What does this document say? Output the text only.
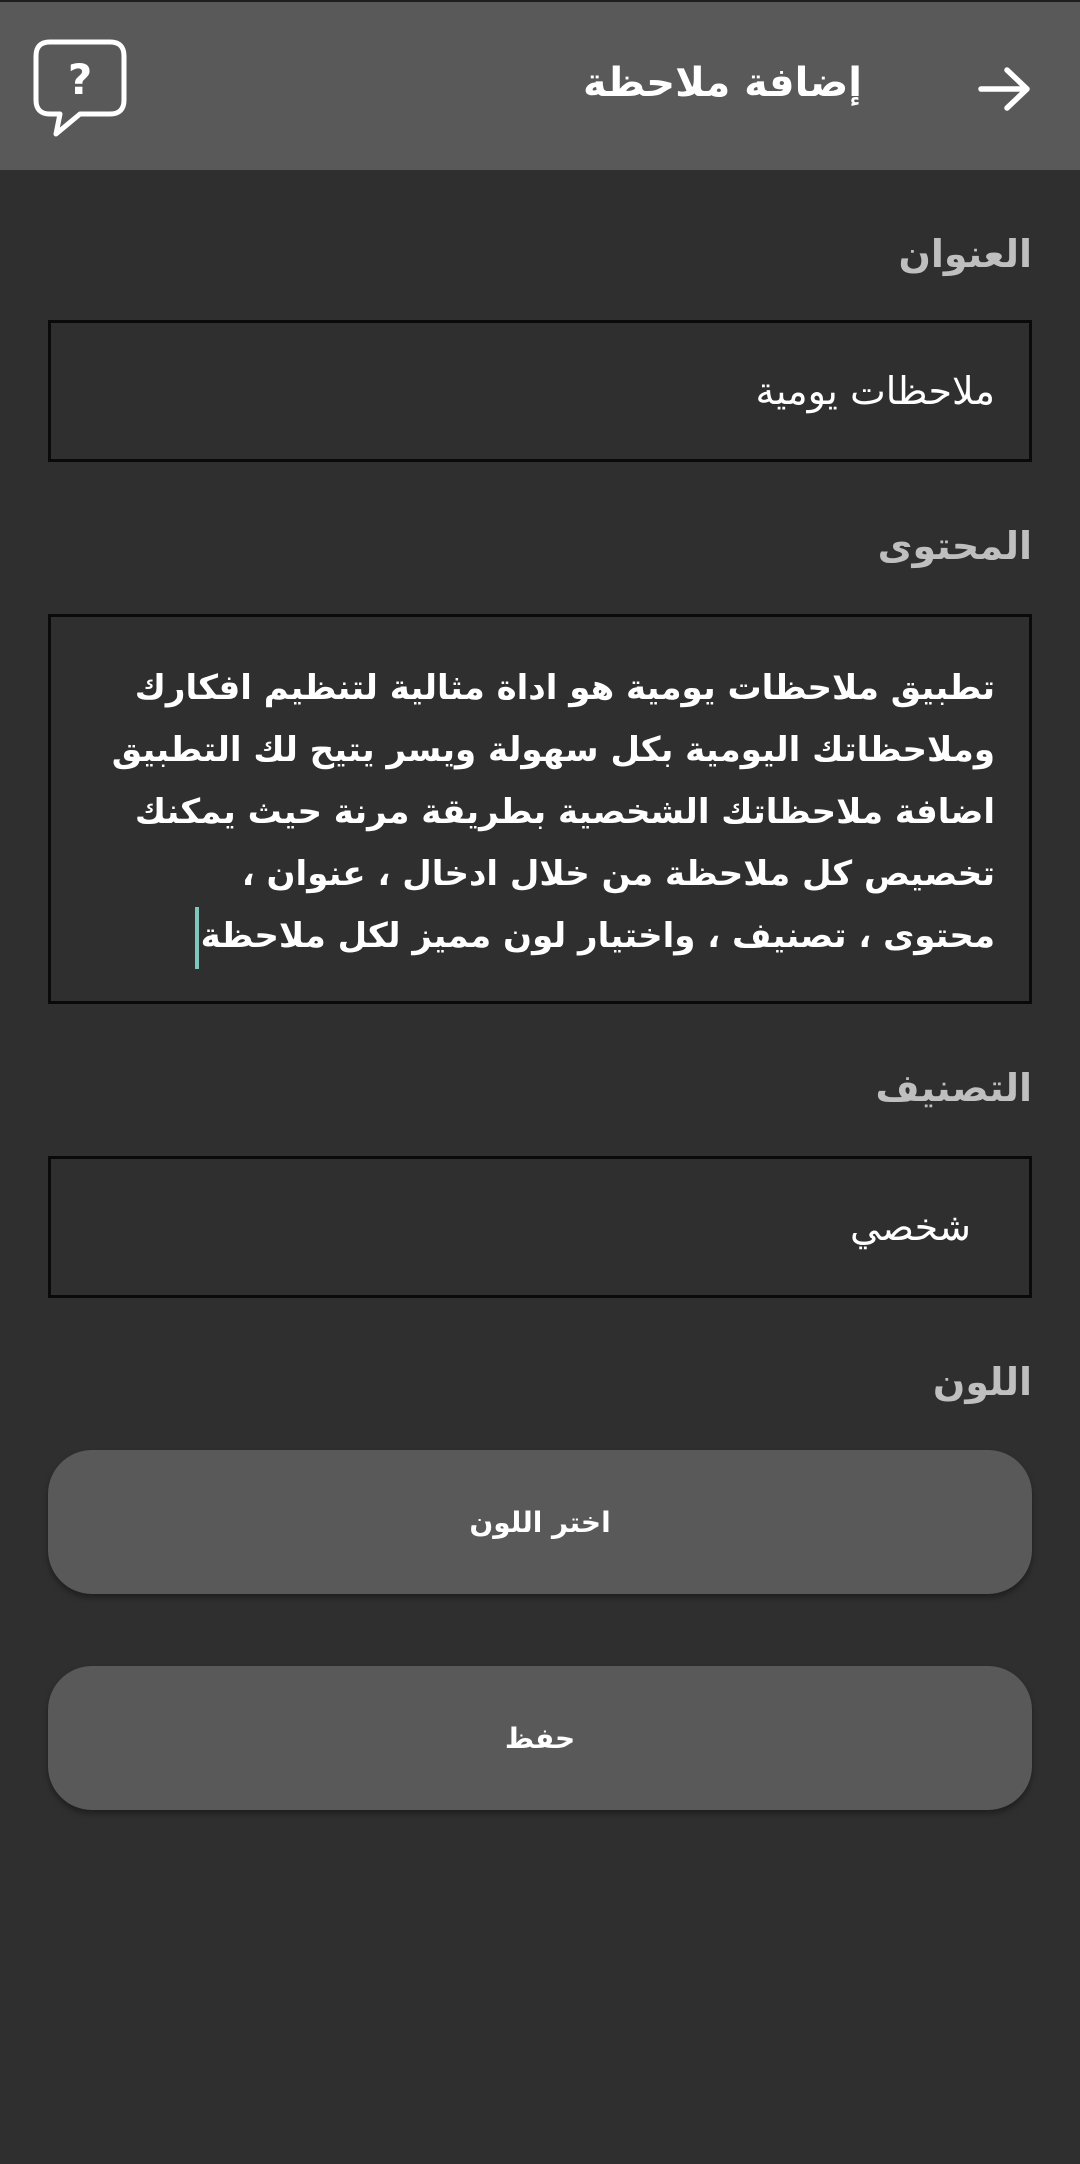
إضافة ملاحظة
?
العنوان
ملاحظات يومية
المحتوى
تطبيق ملاحظات يومية هو اداة مثالية لتنظيم افكارك
وملاحظاتك اليومية بكل سهولة ويسر يتيح لك التطبيق
اضافة ملاحظاتك الشخصية بطريقة مرنة حيث يمكنك
تخصيص كل ملاحظة من خلال ادخال ، عنوان ،
محتوى ، تصنيف ، واختيار لون مميز لكل ملاحظة
التصنيف
شخصي
اللون
اختر اللون
حفظ
